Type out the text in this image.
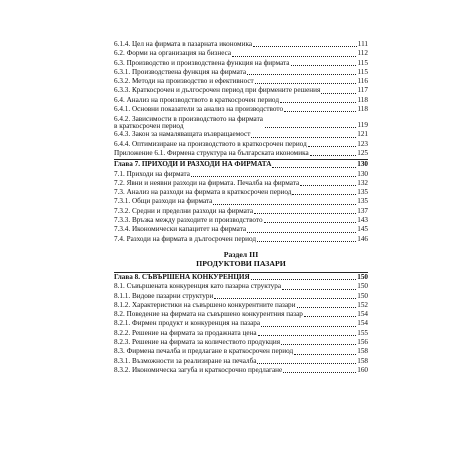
6.1.4. Цел на фирмата в пазарната икономика	111
6.2. Форми на организация на бизнеса	112
6.3. Производство и производствена функция на фирмата	115
6.3.1. Производствена функция на фирмата	115
6.3.2. Методи на производство и ефективност	116
6.3.3. Краткосрочен и дългосрочен период при фирмените решения	117
6.4. Анализ на производството в краткосрочен период	118
6.4.1. Основни показатели за анализ на производството	118
6.4.2. Зависимости в производството на фирмата в краткосрочен период	119
6.4.3. Закон за намаляващата възвращаемост	121
6.4.4. Оптимизиране на производството в краткосрочен период	123
Приложение 6.1. Фирмена структура на българската икономика	125
Глава 7. ПРИХОДИ И РАЗХОДИ НА ФИРМАТА	130
7.1. Приходи на фирмата	130
7.2. Явни и неявни разходи на фирмата. Печалба на фирмата	132
7.3. Анализ на разходи на фирмата в краткосрочен период	135
7.3.1. Общи разходи на фирмата	135
7.3.2. Средни и пределни разходи на фирмата	137
7.3.3. Връзка между разходите и производството	143
7.3.4. Икономически капацитет на фирмата	145
7.4. Разходи на фирмата в дългосрочен период	146
Раздел III
ПРОДУКТОВИ ПАЗАРИ
Глава 8. СЪВЪРШЕНА КОНКУРЕНЦИЯ	150
8.1. Съвършената конкуренция като пазарна структура	150
8.1.1. Видове пазарни структури	150
8.1.2. Характеристики на съвършено конкурентните пазари	152
8.2. Поведение на фирмата на съвършено конкурентния пазар	154
8.2.1. Фирмен продукт и конкуренция на пазара	154
8.2.2. Решение на фирмата за продажната цена	155
8.2.3. Решение на фирмата за количеството продукция	156
8.3. Фирмена печалба и предлагане в краткосрочен период	158
8.3.1. Възможности за реализиране на печалба	158
8.3.2. Икономическа загуба и краткосрочно предлагане	160
